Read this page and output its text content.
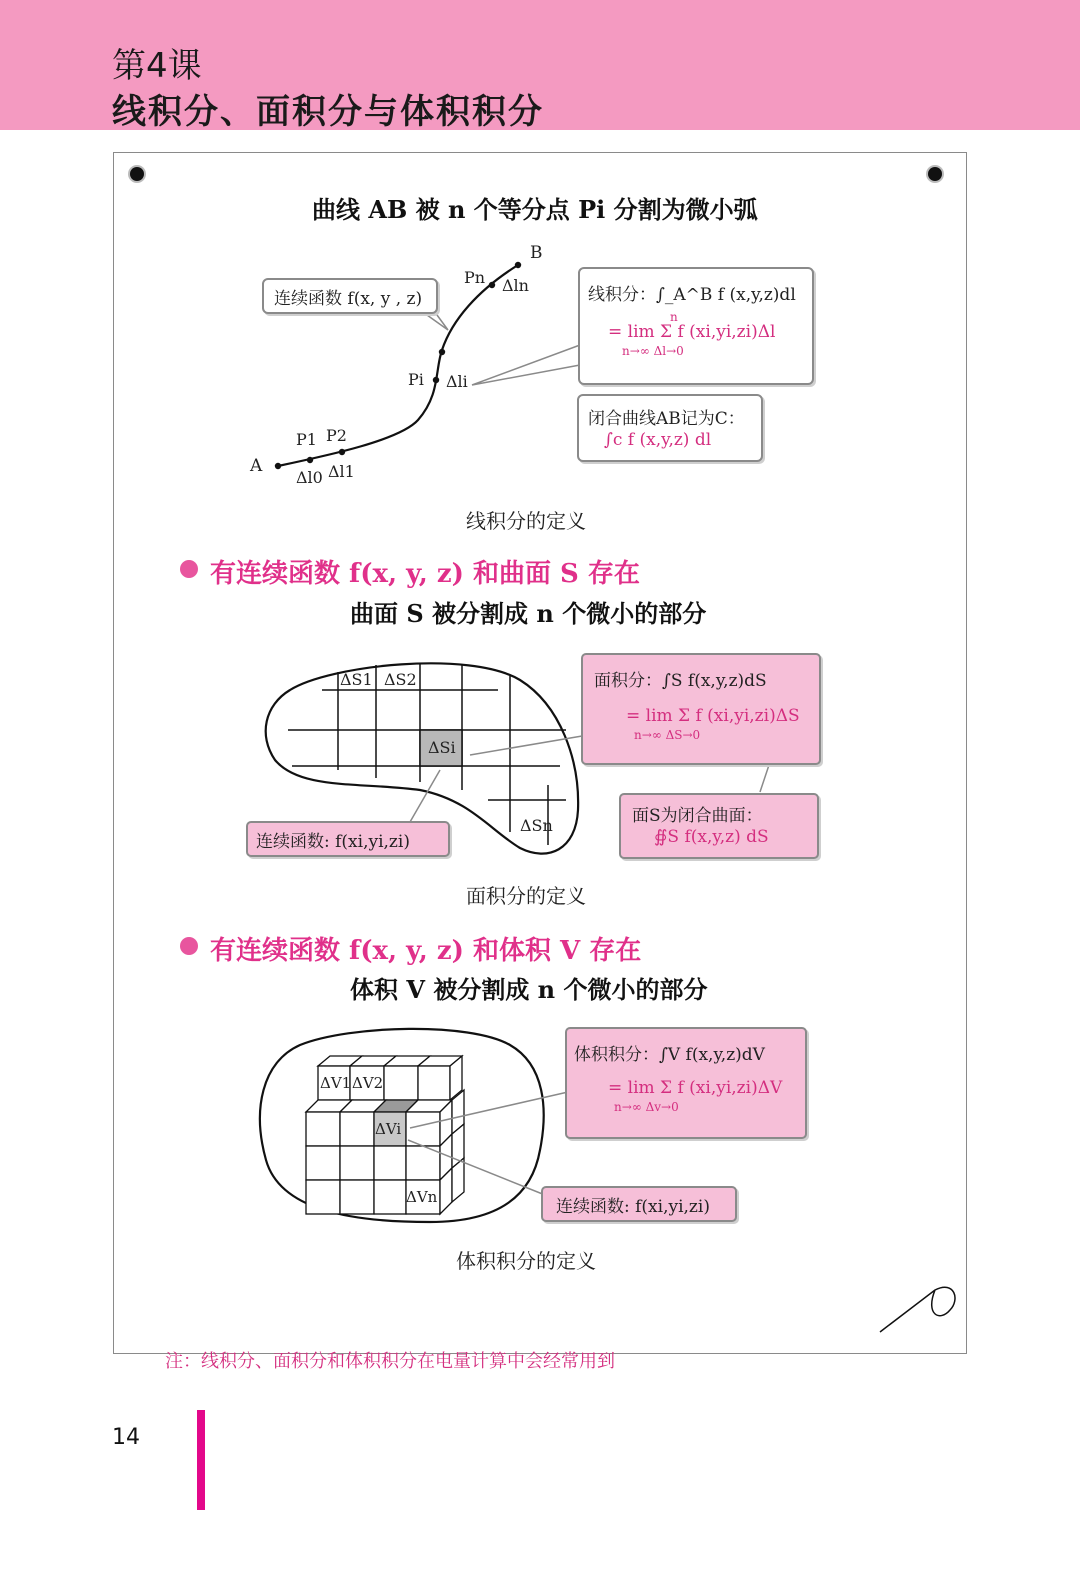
第4课
线积分、面积分与体积积分
曲线 AB 被 n 个等分点 Pi 分割为微小弧
B
A
P1 P2
Δl0 Δl1
Pi Δli
Pn Δln
连续函数 f(x, y , z)	线积分：∫_A^B f (x,y,z)dl
= lim Σ f (xi,yi,zi)Δl
n→∞ Δl→0
n
闭合曲线AB记为C：
∫c f (x,y,z) dl
线积分的定义
有连续函数 f(x, y, z) 和曲面 S 存在
曲面 S 被分割成 n 个微小的部分
ΔS1 ΔS2
ΔSi
ΔSn
面积分：∫S f(x,y,z)dS
= lim Σ f (xi,yi,zi)ΔS
n→∞ ΔS→0
面S为闭合曲面：
∯S f(x,y,z) dS
连续函数: f(xi,yi,zi)
面积分的定义
有连续函数 f(x, y, z) 和体积 V 存在
体积 V 被分割成 n 个微小的部分
ΔV1 ΔV2
ΔVi
ΔVn
体积积分：∫V f(x,y,z)dV
= lim Σ f (xi,yi,zi)ΔV
n→∞ Δv→0
连续函数: f(xi,yi,zi)
体积积分的定义
注：线积分、面积分和体积积分在电量计算中会经常用到
14
